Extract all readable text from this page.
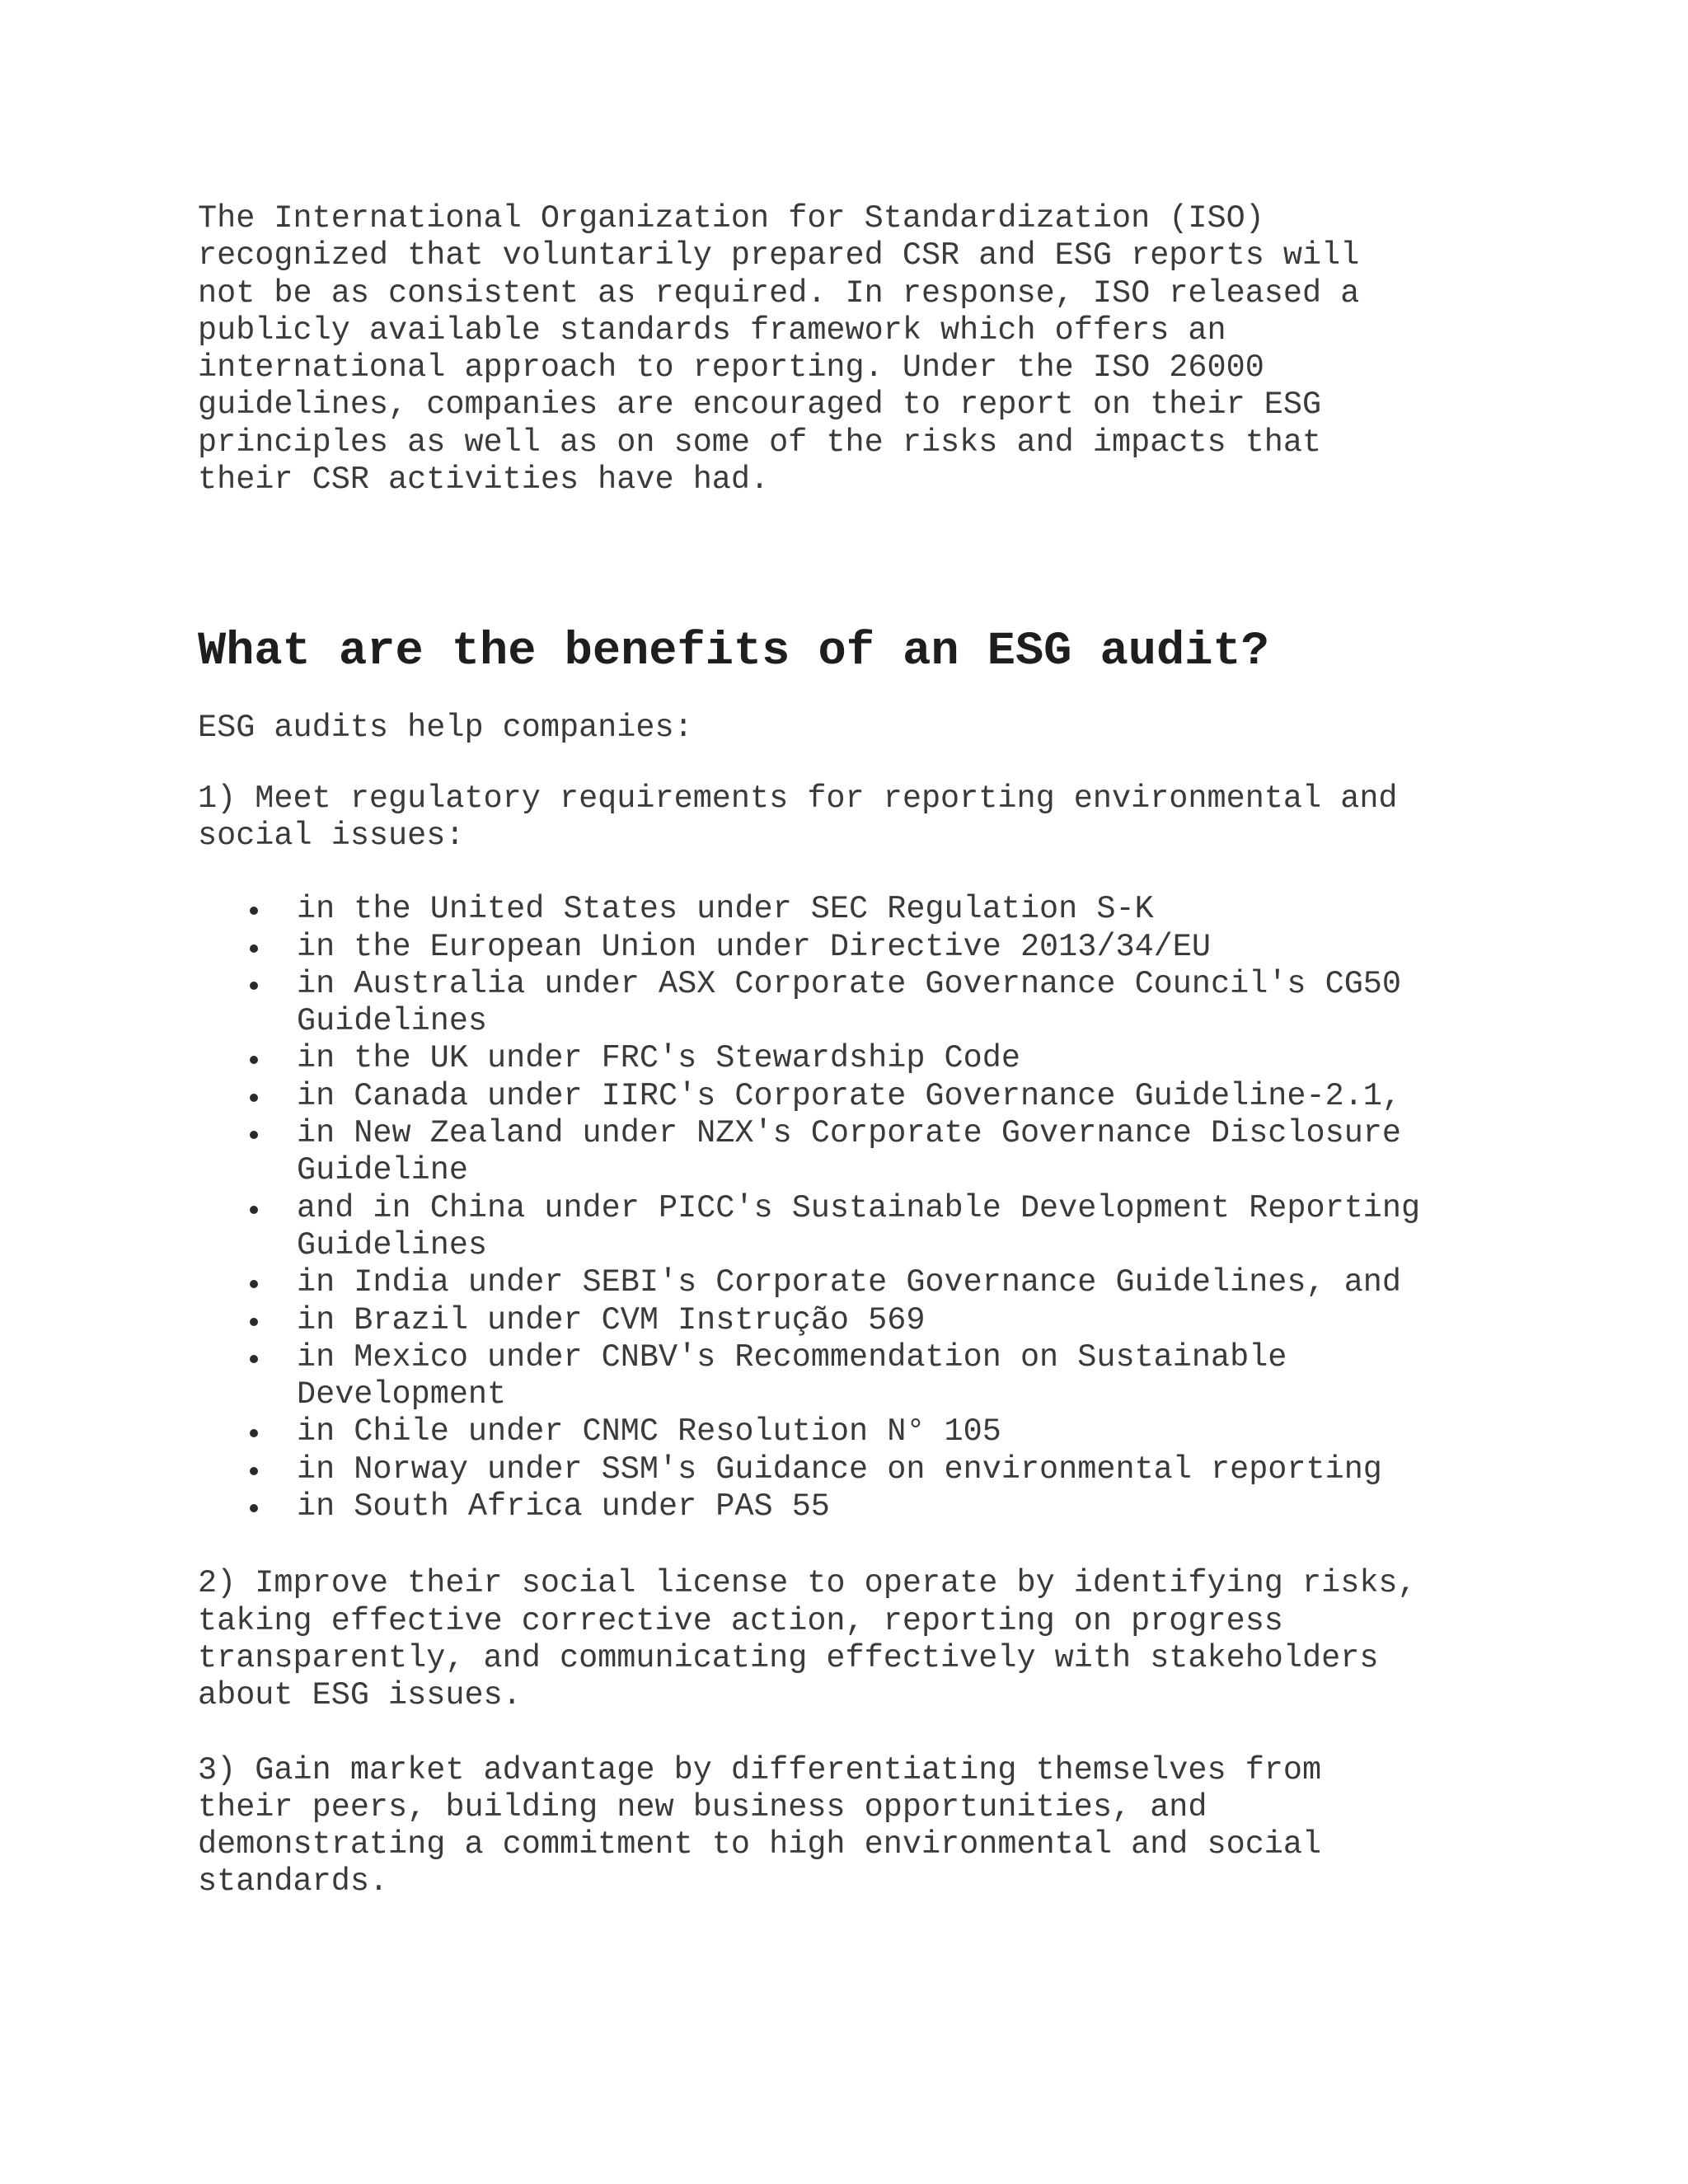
The International Organization for Standardization (ISO)
recognized that voluntarily prepared CSR and ESG reports will
not be as consistent as required. In response, ISO released a
publicly available standards framework which offers an
international approach to reporting. Under the ISO 26000
guidelines, companies are encouraged to report on their ESG
principles as well as on some of the risks and impacts that
their CSR activities have had.

What are the benefits of an ESG audit?

ESG audits help companies:

1) Meet regulatory requirements for reporting environmental and
social issues:

in the United States under SEC Regulation S-K
in the European Union under Directive 2013/34/EU
in Australia under ASX Corporate Governance Council's CG50
Guidelines
in the UK under FRC's Stewardship Code
in Canada under IIRC's Corporate Governance Guideline-2.1,
in New Zealand under NZX's Corporate Governance Disclosure
Guideline
and in China under PICC's Sustainable Development Reporting
Guidelines
in India under SEBI's Corporate Governance Guidelines, and
in Brazil under CVM Instrução 569
in Mexico under CNBV's Recommendation on Sustainable
Development
in Chile under CNMC Resolution N° 105
in Norway under SSM's Guidance on environmental reporting
in South Africa under PAS 55

2) Improve their social license to operate by identifying risks,
taking effective corrective action, reporting on progress
transparently, and communicating effectively with stakeholders
about ESG issues.

3) Gain market advantage by differentiating themselves from
their peers, building new business opportunities, and
demonstrating a commitment to high environmental and social
standards.
